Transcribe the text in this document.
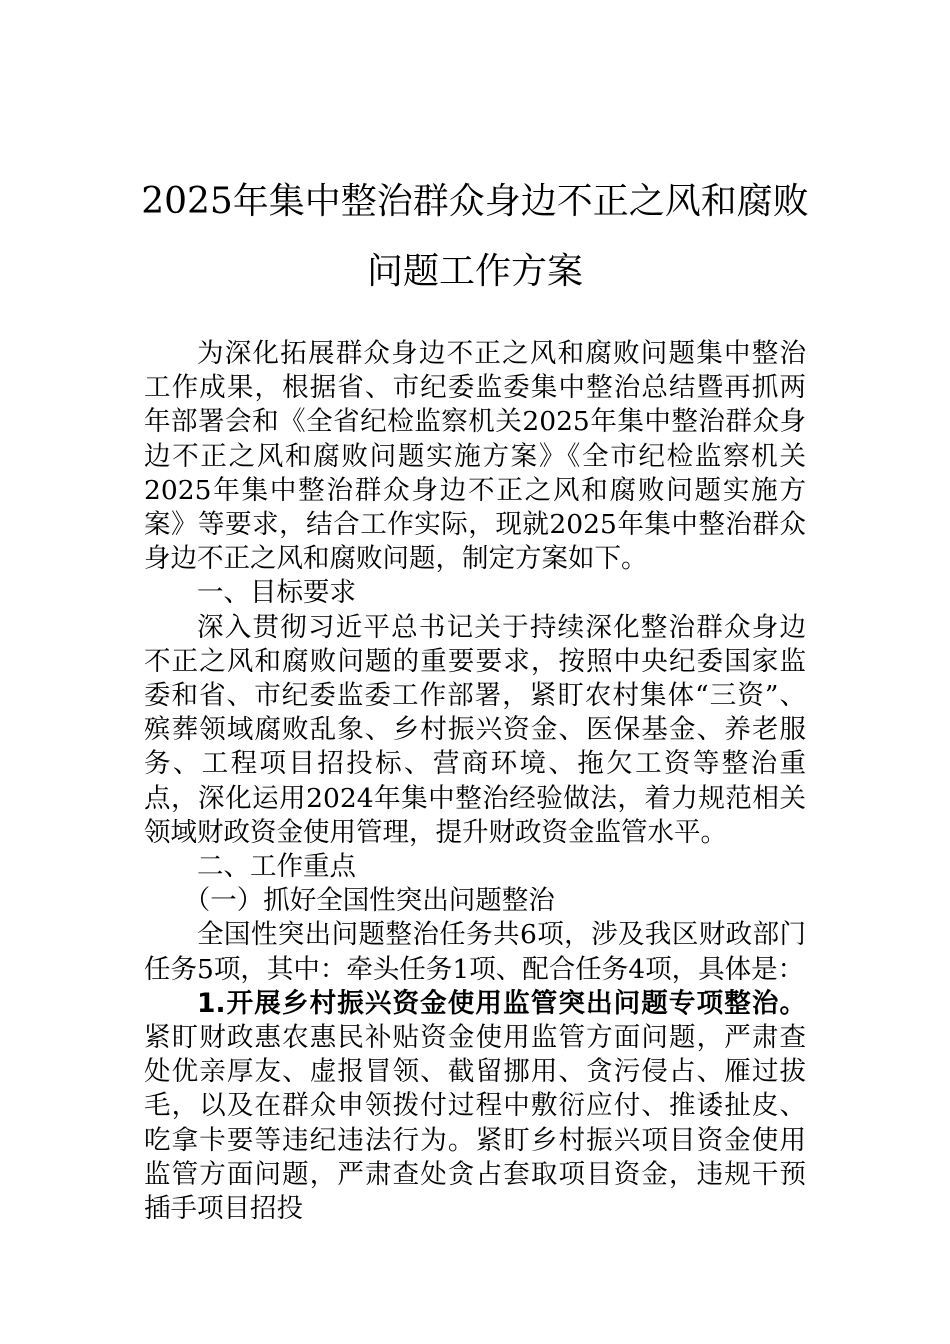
2025年集中整治群众身边不正之风和腐败
问题工作方案

为深化拓展群众身边不正之风和腐败问题集中整治工作成果，根据省、市纪委监委集中整治总结暨再抓两年部署会和《全省纪检监察机关2025年集中整治群众身边不正之风和腐败问题实施方案》《全市纪检监察机关2025年集中整治群众身边不正之风和腐败问题实施方案》等要求，结合工作实际，现就2025年集中整治群众身边不正之风和腐败问题，制定方案如下。

一、目标要求

深入贯彻习近平总书记关于持续深化整治群众身边不正之风和腐败问题的重要要求，按照中央纪委国家监委和省、市纪委监委工作部署，紧盯农村集体“三资”、殡葬领域腐败乱象、乡村振兴资金、医保基金、养老服务、工程项目招投标、营商环境、拖欠工资等整治重点，深化运用2024年集中整治经验做法，着力规范相关领域财政资金使用管理，提升财政资金监管水平。

二、工作重点

（一）抓好全国性突出问题整治

全国性突出问题整治任务共6项，涉及我区财政部门任务5项，其中：牵头任务1项、配合任务4项，具体是：

1.开展乡村振兴资金使用监管突出问题专项整治。紧盯财政惠农惠民补贴资金使用监管方面问题，严肃查处优亲厚友、虚报冒领、截留挪用、贪污侵占、雁过拔毛，以及在群众申领拨付过程中敷衍应付、推诿扯皮、吃拿卡要等违纪违法行为。紧盯乡村振兴项目资金使用监管方面问题，严肃查处贪占套取项目资金，违规干预插手项目招投
